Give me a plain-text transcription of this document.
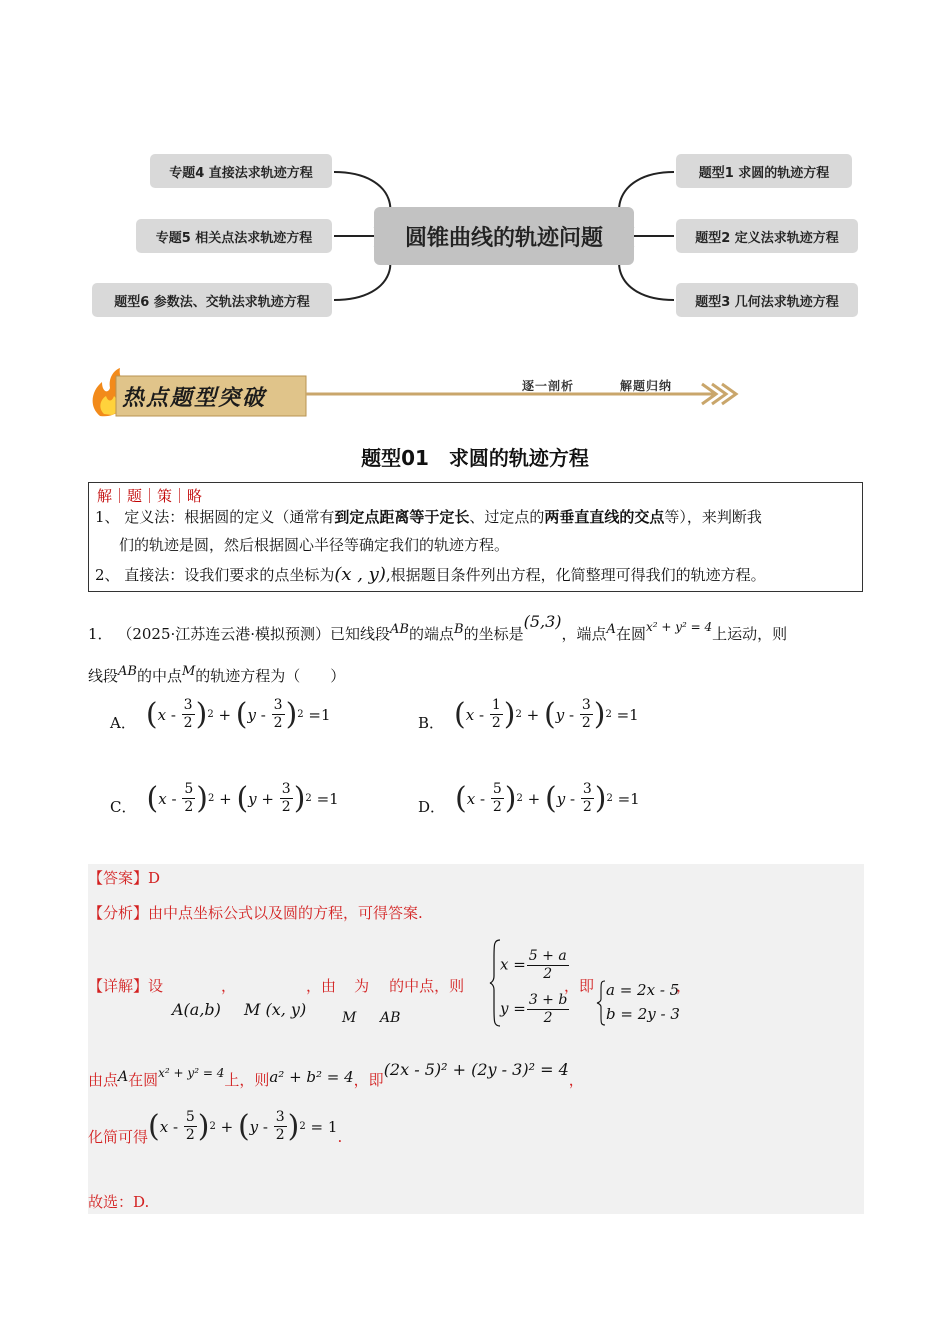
专题4 直接法求轨迹方程
专题5 相关点法求轨迹方程
题型6 参数法、交轨法求轨迹方程
圆锥曲线的轨迹问题
题型1 求圆的轨迹方程
题型2 定义法求轨迹方程
题型3 几何法求轨迹方程
热点题型突破	逐一剖析	解题归纳
题型01　求圆的轨迹方程
解｜题｜策｜略
1、 定义法：根据圆的定义（通常有到定点距离等于定长、过定点的两垂直直线的交点等），来判断我
们的轨迹是圆，然后根据圆心半径等确定我们的轨迹方程。
2、 直接法：设我们要求的点坐标为(x , y),根据题目条件列出方程，化简整理可得我们的轨迹方程。
1． （2025·江苏连云港·模拟预测）已知线段AB的端点B的坐标是(5,3)，端点A在圆$^{x^2 + y^2 = 4}$上运动，则
线段AB的中点M的轨迹方程为（　　）
A． ( x
-
$\frac{3}{2}$ ) 2 + ( y
-
$\frac{3}{2}$ ) 2 =1	B． ( x
-
$\frac{1}{2}$ ) 2 + ( y
-
$\frac{3}{2}$ ) 2 =1
C． ( x
-
$\frac{5}{2}$ ) 2 + ( y
+
$\frac{3}{2}$ ) 2 =1	D． ( x
-
$\frac{5}{2}$ ) 2 + ( y
-
$\frac{3}{2}$ ) 2 =1
【答案】D
【分析】由中点坐标公式以及圆的方程，可得答案.
【详解】设	，	，由 为 的中点，则
A(a,b) M (x, y)	M AB
$x = \frac{5 + a}{2}$
$y = \frac{3 + b}{2}$
，即 a = 2x - 5
b = 2y - 3
，
由点A在圆$^{x^2 + y^2 = 4}$上，则a² + b² = 4，即(2x - 5)² + (2y - 3)² = 4，
化简可得 ( x - $\frac{5}{2}$ ) 2 + ( y - $\frac{3}{2}$ ) 2
= 1
.
故选：D.
